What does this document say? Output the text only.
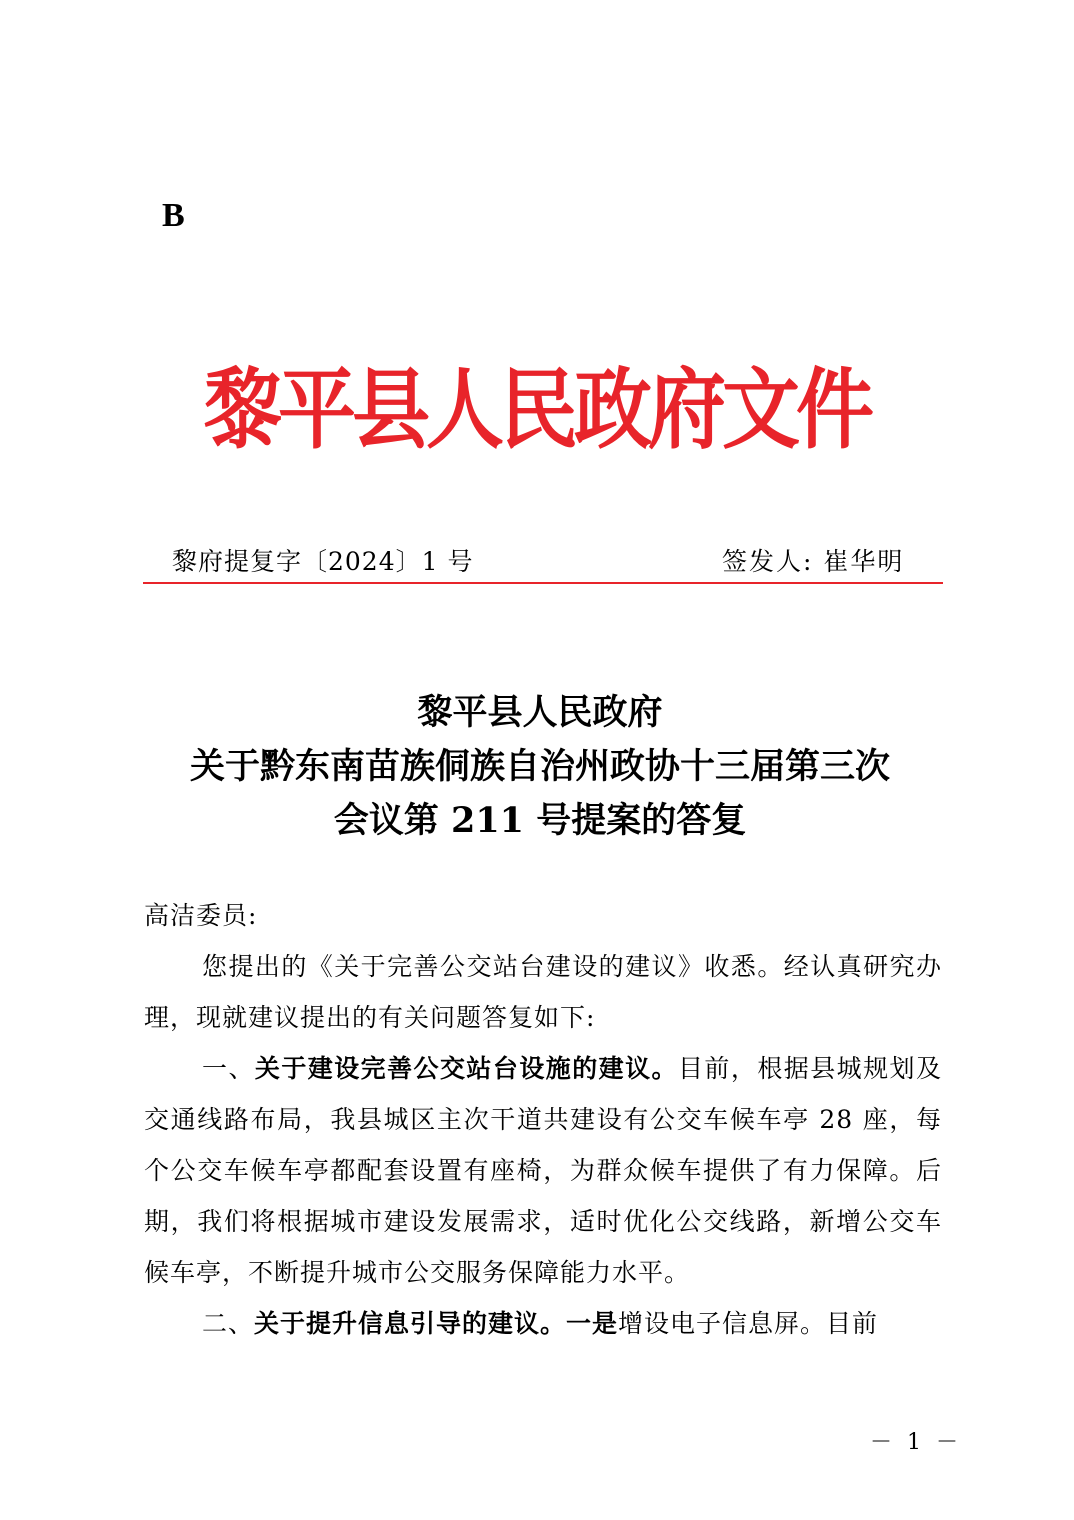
B
黎平县人民政府文件
黎府提复字〔2024〕1 号	签发人: 崔华明
黎平县人民政府
关于黔东南苗族侗族自治州政协十三届第三次
会议第 211 号提案的答复

高洁委员:

您提出的《关于完善公交站台建设的建议》收悉。经认真研究办理，现就建议提出的有关问题答复如下:

一、关于建设完善公交站台设施的建议。目前，根据县城规划及交通线路布局，我县城区主次干道共建设有公交车候车亭 28 座，每个公交车候车亭都配套设置有座椅，为群众候车提供了有力保障。后期，我们将根据城市建设发展需求，适时优化公交线路，新增公交车候车亭，不断提升城市公交服务保障能力水平。

二、关于提升信息引导的建议。一是增设电子信息屏。目前

－ 1 －
